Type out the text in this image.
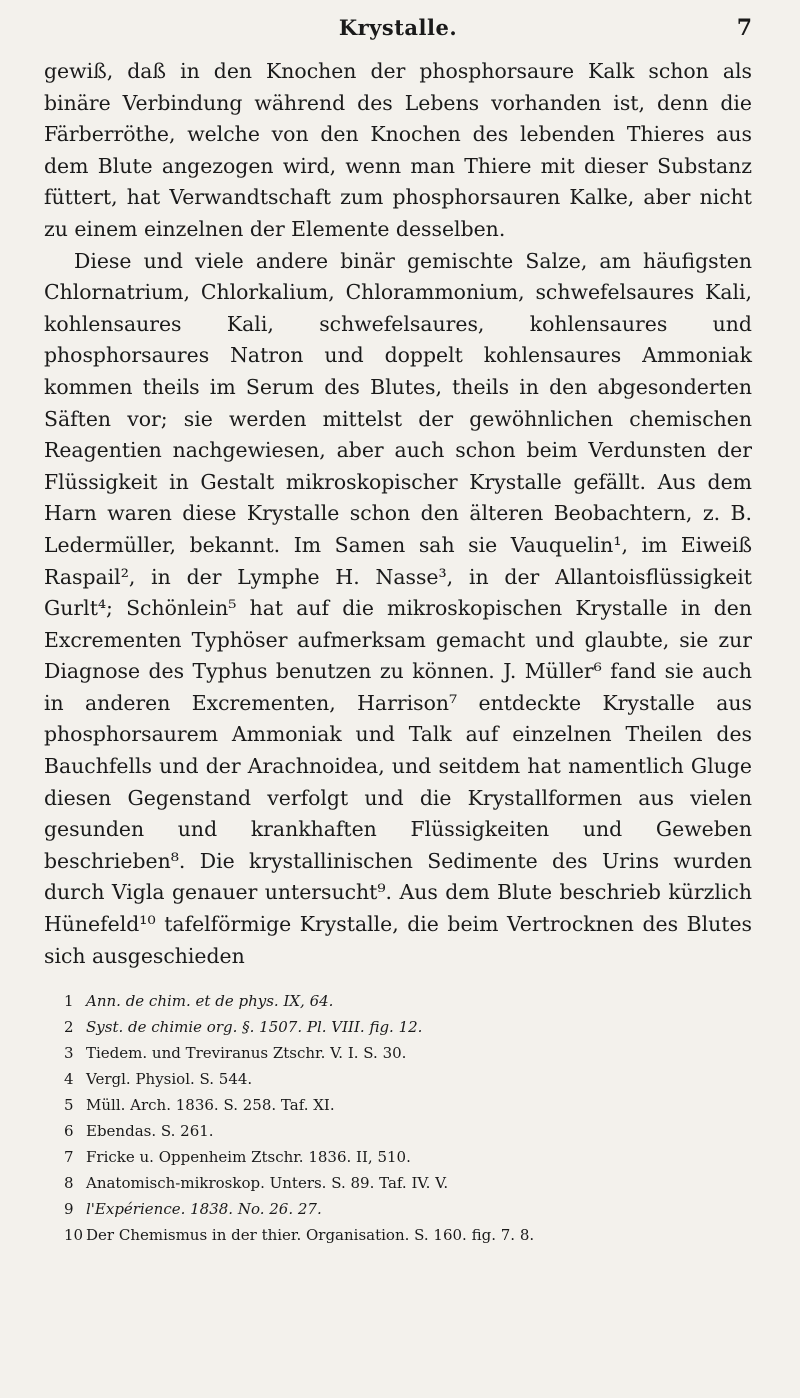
Krystalle.	7

gewiß, daß in den Knochen der phosphorsaure Kalk schon als binäre Verbindung während des Lebens vorhanden ist, denn die Färberröthe, welche von den Knochen des lebenden Thieres aus dem Blute angezogen wird, wenn man Thiere mit dieser Substanz füttert, hat Verwandtschaft zum phosphorsauren Kalke, aber nicht zu einem einzelnen der Elemente desselben.

Diese und viele andere binär gemischte Salze, am häufigsten Chlornatrium, Chlorkalium, Chlorammonium, schwefelsaures Kali, kohlensaures Kali, schwefelsaures, kohlensaures und phosphorsaures Natron und doppelt kohlensaures Ammoniak kommen theils im Serum des Blutes, theils in den abgesonderten Säften vor; sie werden mittelst der gewöhnlichen chemischen Reagentien nachgewiesen, aber auch schon beim Verdunsten der Flüssigkeit in Gestalt mikroskopischer Krystalle gefällt. Aus dem Harn waren diese Krystalle schon den älteren Beobachtern, z. B. Ledermüller, bekannt. Im Samen sah sie Vauquelin¹, im Eiweiß Raspail², in der Lymphe H. Nasse³, in der Allantoisflüssigkeit Gurlt⁴; Schönlein⁵ hat auf die mikroskopischen Krystalle in den Excrementen Typhöser aufmerksam gemacht und glaubte, sie zur Diagnose des Typhus benutzen zu können. J. Müller⁶ fand sie auch in anderen Excrementen, Harrison⁷ entdeckte Krystalle aus phosphorsaurem Ammoniak und Talk auf einzelnen Theilen des Bauchfells und der Arachnoidea, und seitdem hat namentlich Gluge diesen Gegenstand verfolgt und die Krystallformen aus vielen gesunden und krankhaften Flüssigkeiten und Geweben beschrieben⁸. Die krystallinischen Sedimente des Urins wurden durch Vigla genauer untersucht⁹. Aus dem Blute beschrieb kürzlich Hünefeld¹⁰ tafelförmige Krystalle, die beim Vertrocknen des Blutes sich ausgeschieden

1 Ann. de chim. et de phys. IX, 64.
2 Syst. de chimie org. §. 1507. Pl. VIII. fig. 12.
3 Tiedem. und Treviranus Ztschr. V. I. S. 30.
4 Vergl. Physiol. S. 544.
5 Müll. Arch. 1836. S. 258. Taf. XI.
6 Ebendas. S. 261.
7 Fricke u. Oppenheim Ztschr. 1836. II, 510.
8 Anatomisch-mikroskop. Unters. S. 89. Taf. IV. V.
9 l'Expérience. 1838. No. 26. 27.
10 Der Chemismus in der thier. Organisation. S. 160. fig. 7. 8.
